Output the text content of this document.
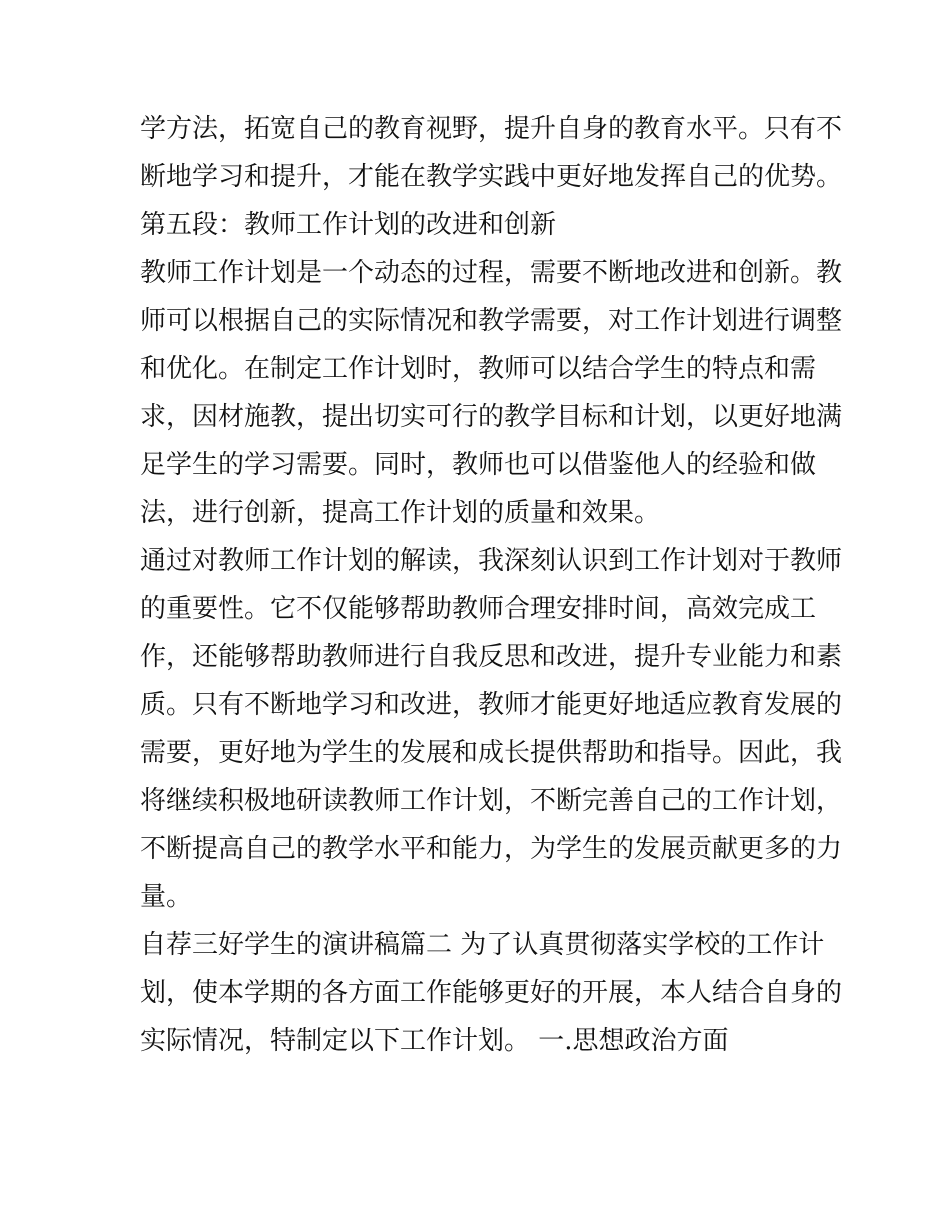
学方法，拓宽自己的教育视野，提升自身的教育水平。只有不
断地学习和提升，才能在教学实践中更好地发挥自己的优势。
第五段：教师工作计划的改进和创新
教师工作计划是一个动态的过程，需要不断地改进和创新。教
师可以根据自己的实际情况和教学需要，对工作计划进行调整
和优化。在制定工作计划时，教师可以结合学生的特点和需
求，因材施教，提出切实可行的教学目标和计划，以更好地满
足学生的学习需要。同时，教师也可以借鉴他人的经验和做
法，进行创新，提高工作计划的质量和效果。
通过对教师工作计划的解读，我深刻认识到工作计划对于教师
的重要性。它不仅能够帮助教师合理安排时间，高效完成工
作，还能够帮助教师进行自我反思和改进，提升专业能力和素
质。只有不断地学习和改进，教师才能更好地适应教育发展的
需要，更好地为学生的发展和成长提供帮助和指导。因此，我
将继续积极地研读教师工作计划，不断完善自己的工作计划，
不断提高自己的教学水平和能力，为学生的发展贡献更多的力
量。
自荐三好学生的演讲稿篇二 为了认真贯彻落实学校的工作计
划，使本学期的各方面工作能够更好的开展，本人结合自身的
实际情况，特制定以下工作计划。 一.思想政治方面
